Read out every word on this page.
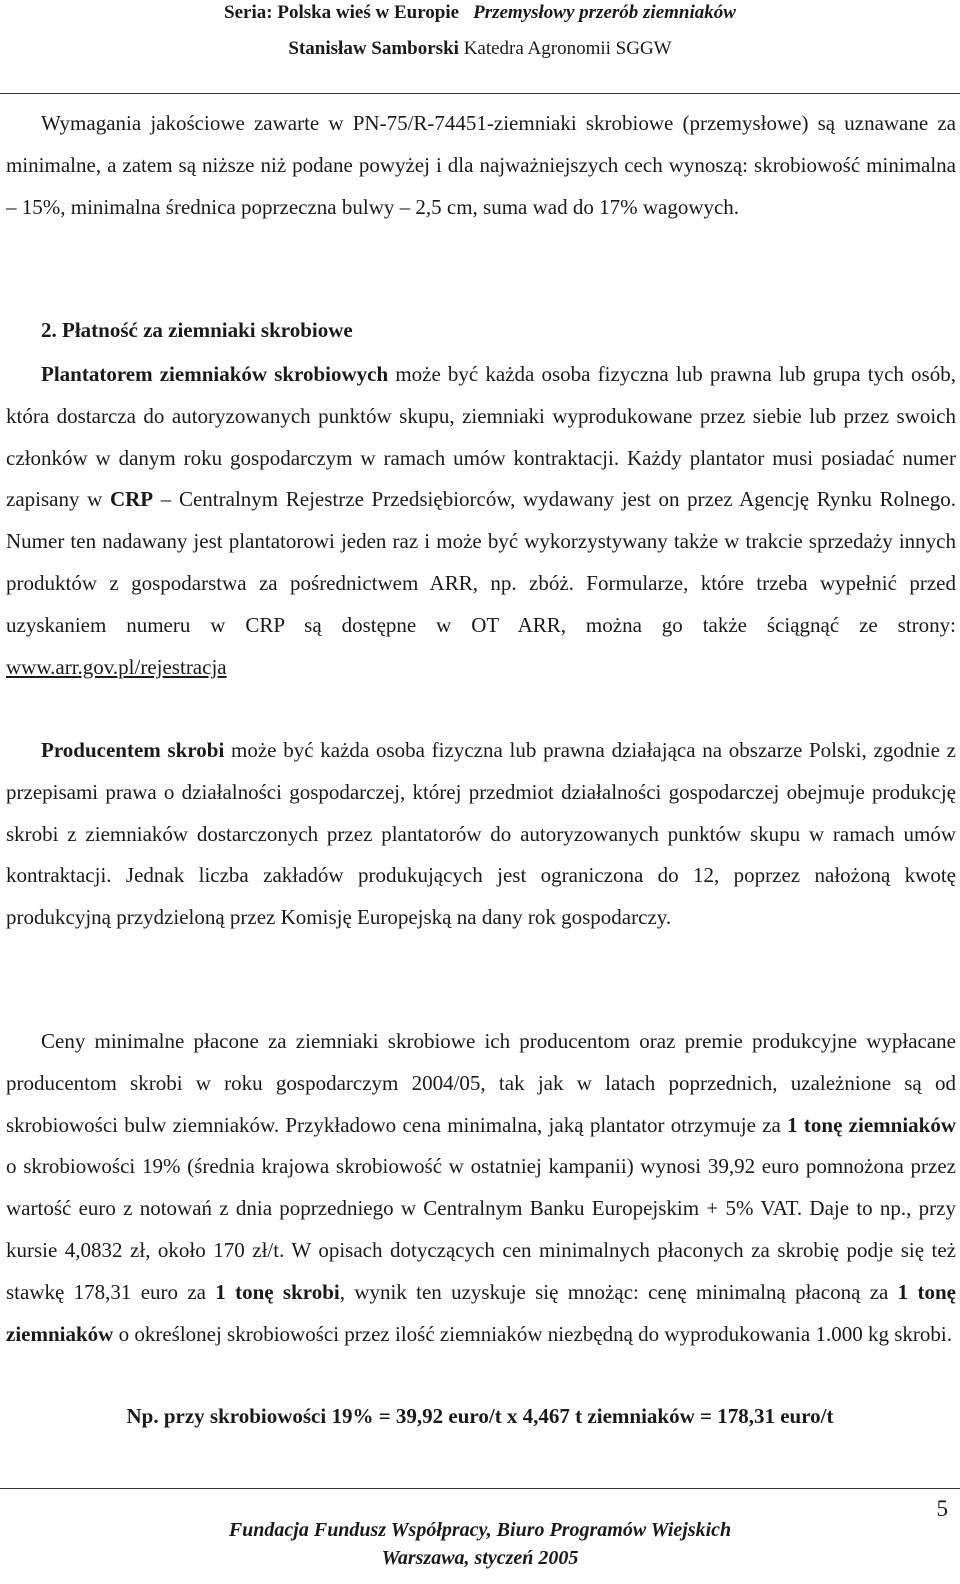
Seria: Polska wieś w Europie Przemysłowy przerób ziemniaków
Stanisław Samborski Katedra Agronomii SGGW

Wymagania jakościowe zawarte w PN-75/R-74451-ziemniaki skrobiowe (przemysłowe) są uznawane za minimalne, a zatem są niższe niż podane powyżej i dla najważniejszych cech wynoszą: skrobiowość minimalna – 15%, minimalna średnica poprzeczna bulwy – 2,5 cm, suma wad do 17% wagowych.

2. Płatność za ziemniaki skrobiowe

Plantatorem ziemniaków skrobiowych może być każda osoba fizyczna lub prawna lub grupa tych osób, która dostarcza do autoryzowanych punktów skupu, ziemniaki wyprodukowane przez siebie lub przez swoich członków w danym roku gospodarczym w ramach umów kontraktacji. Każdy plantator musi posiadać numer zapisany w CRP – Centralnym Rejestrze Przedsiębiorców, wydawany jest on przez Agencję Rynku Rolnego. Numer ten nadawany jest plantatorowi jeden raz i może być wykorzystywany także w trakcie sprzedaży innych produktów z gospodarstwa za pośrednictwem ARR, np. zbóż. Formularze, które trzeba wypełnić przed uzyskaniem numeru w CRP są dostępne w OT ARR, można go także ściągnąć ze strony: www.arr.gov.pl/rejestracja

Producentem skrobi może być każda osoba fizyczna lub prawna działająca na obszarze Polski, zgodnie z przepisami prawa o działalności gospodarczej, której przedmiot działalności gospodarczej obejmuje produkcję skrobi z ziemniaków dostarczonych przez plantatorów do autoryzowanych punktów skupu w ramach umów kontraktacji. Jednak liczba zakładów produkujących jest ograniczona do 12, poprzez nałożoną kwotę produkcyjną przydzieloną przez Komisję Europejską na dany rok gospodarczy.

Ceny minimalne płacone za ziemniaki skrobiowe ich producentom oraz premie produkcyjne wypłacane producentom skrobi w roku gospodarczym 2004/05, tak jak w latach poprzednich, uzależnione są od skrobiowości bulw ziemniaków. Przykładowo cena minimalna, jaką plantator otrzymuje za 1 tonę ziemniaków o skrobiowości 19% (średnia krajowa skrobiowość w ostatniej kampanii) wynosi 39,92 euro pomnożona przez wartość euro z notowań z dnia poprzedniego w Centralnym Banku Europejskim + 5% VAT. Daje to np., przy kursie 4,0832 zł, około 170 zł/t. W opisach dotyczących cen minimalnych płaconych za skrobię podje się też stawkę 178,31 euro za 1 tonę skrobi, wynik ten uzyskuje się mnożąc: cenę minimalną płaconą za 1 tonę ziemniaków o określonej skrobiowości przez ilość ziemniaków niezbędną do wyprodukowania 1.000 kg skrobi.

Np. przy skrobiowości 19% = 39,92 euro/t x 4,467 t ziemniaków = 178,31 euro/t

5
Fundacja Fundusz Współpracy, Biuro Programów Wiejskich
Warszawa, styczeń 2005
